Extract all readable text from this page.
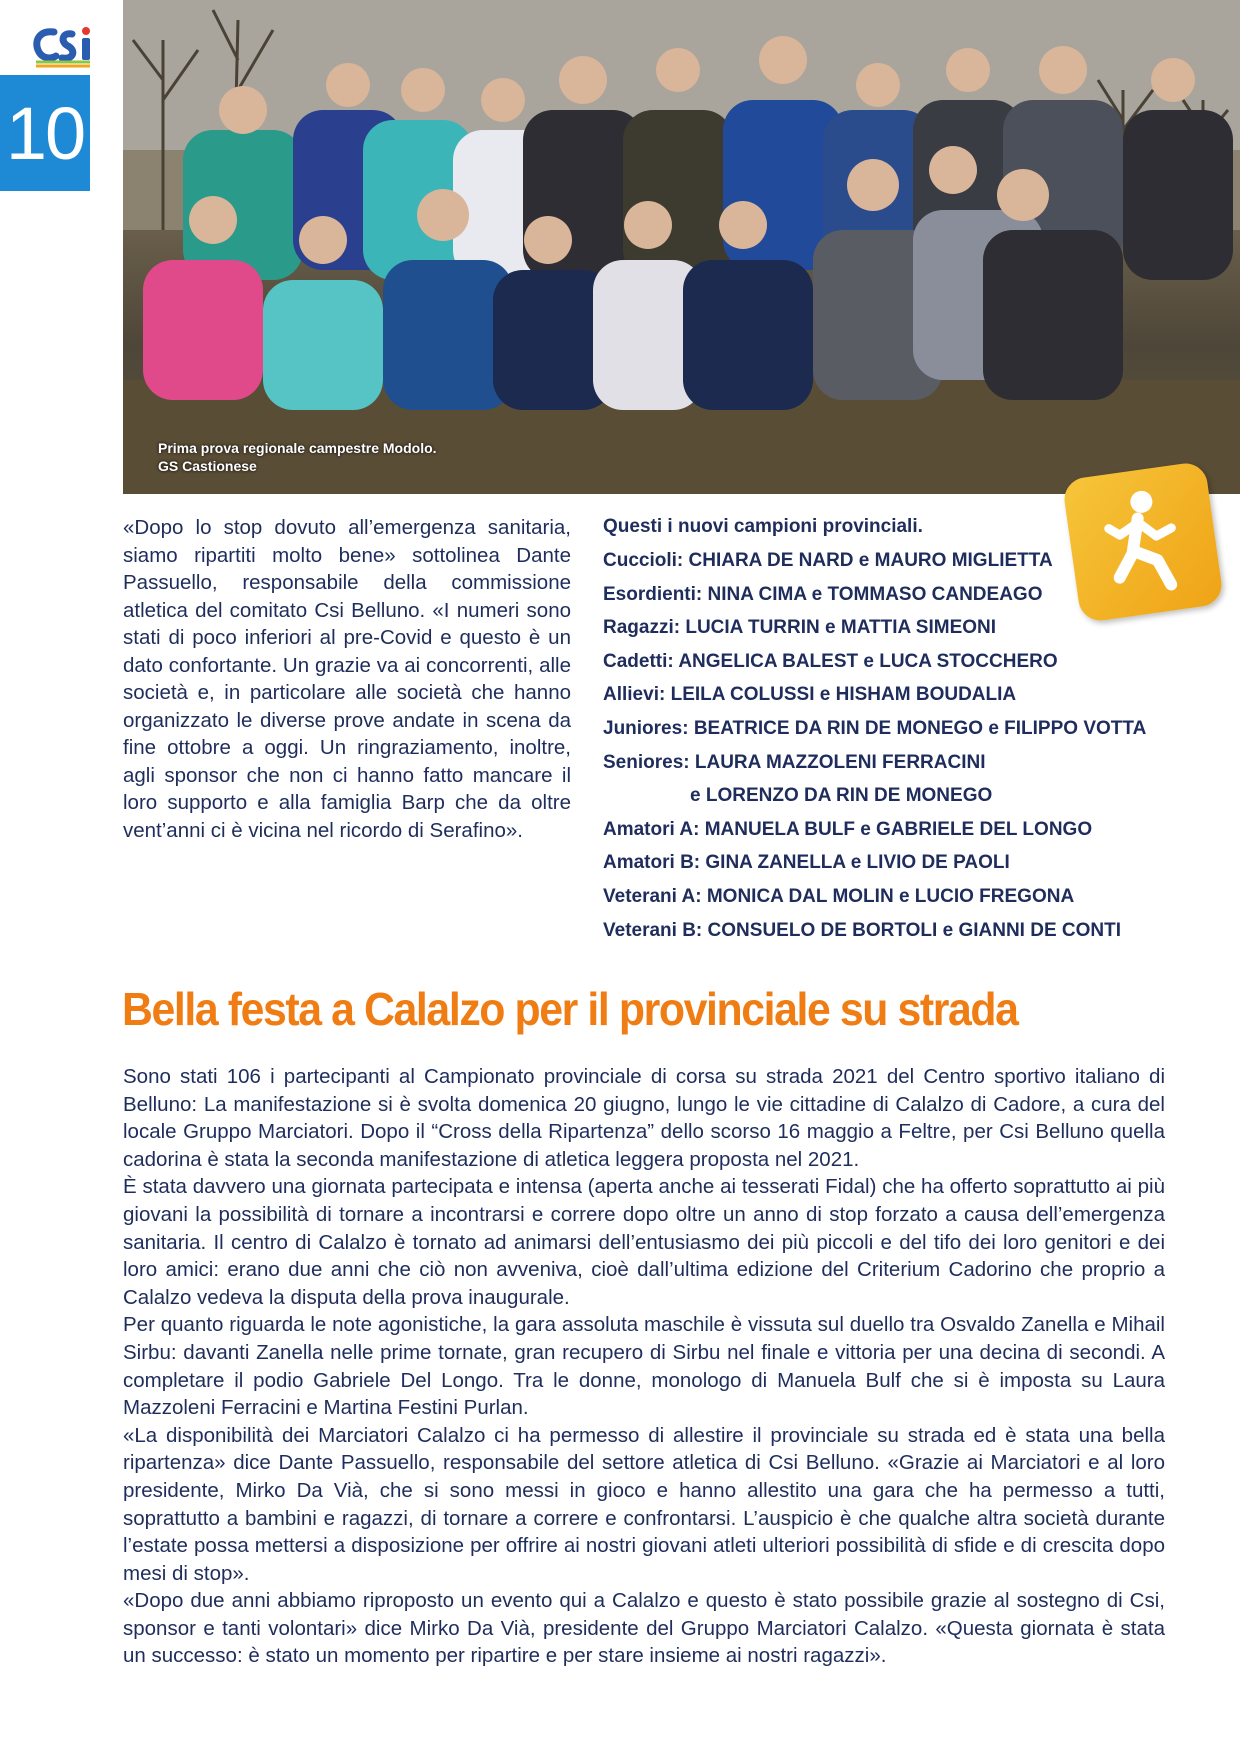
10
Prima prova regionale campestre Modolo.
GS Castionese
«Dopo lo stop dovuto all’emergenza sanitaria, siamo ripartiti molto bene» sottolinea Dante Passuello, responsabile della commissione atletica del comitato Csi Belluno. «I numeri sono stati di poco inferiori al pre-Covid e questo è un dato confortante. Un grazie va ai concorrenti, alle società e, in particolare alle società che hanno organizzato le diverse prove andate in scena da fine ottobre a oggi. Un ringraziamento, inoltre, agli sponsor che non ci hanno fatto mancare il loro supporto e alla famiglia Barp che da oltre vent’anni ci è vicina nel ricordo di Serafino».
Questi i nuovi campioni provinciali.
Cuccioli: CHIARA DE NARD e MAURO MIGLIETTA
Esordienti: NINA CIMA e TOMMASO CANDEAGO
Ragazzi: LUCIA TURRIN e MATTIA SIMEONI
Cadetti: ANGELICA BALEST e LUCA STOCCHERO
Allievi: LEILA COLUSSI e HISHAM BOUDALIA
Juniores: BEATRICE DA RIN DE MONEGO e FILIPPO VOTTA
Seniores: LAURA MAZZOLENI FERRACINI
e LORENZO DA RIN DE MONEGO
Amatori A: MANUELA BULF e GABRIELE DEL LONGO
Amatori B: GINA ZANELLA e LIVIO DE PAOLI
Veterani A: MONICA DAL MOLIN e LUCIO FREGONA
Veterani B: CONSUELO DE BORTOLI e GIANNI DE CONTI
Bella festa a Calalzo per il provinciale su strada

Sono stati 106 i partecipanti al Campionato provinciale di corsa su strada 2021 del Centro sportivo italiano di Belluno: La manifestazione si è svolta domenica 20 giugno, lungo le vie cittadine di Calalzo di Cadore, a cura del locale Gruppo Marciatori. Dopo il “Cross della Ripartenza” dello scorso 16 maggio a Feltre, per Csi Belluno quella cadorina è stata la seconda manifestazione di atletica leggera proposta nel 2021.

È stata davvero una giornata partecipata e intensa (aperta anche ai tesserati Fidal) che ha offerto soprattutto ai più giovani la possibilità di tornare a incontrarsi e correre dopo oltre un anno di stop forzato a causa dell’emergenza sanitaria. Il centro di Calalzo è tornato ad animarsi dell’entusiasmo dei più piccoli e del tifo dei loro genitori e dei loro amici: erano due anni che ciò non avveniva, cioè dall’ultima edizione del Criterium Cadorino che proprio a Calalzo vedeva la disputa della prova inaugurale.

Per quanto riguarda le note agonistiche, la gara assoluta maschile è vissuta sul duello tra Osvaldo Zanella e Mihail Sirbu: davanti Zanella nelle prime tornate, gran recupero di Sirbu nel finale e vittoria per una decina di secondi. A completare il podio Gabriele Del Longo. Tra le donne, monologo di Manuela Bulf che si è imposta su Laura Mazzoleni Ferracini e Martina Festini Purlan.

«La disponibilità dei Marciatori Calalzo ci ha permesso di allestire il provinciale su strada ed è stata una bella ripartenza» dice Dante Passuello, responsabile del settore atletica di Csi Belluno. «Grazie ai Marciatori e al loro presidente, Mirko Da Vià, che si sono messi in gioco e hanno allestito una gara che ha permesso a tutti, soprattutto a bambini e ragazzi, di tornare a correre e confrontarsi. L’auspicio è che qualche altra società durante l’estate possa mettersi a disposizione per offrire ai nostri giovani atleti ulteriori possibilità di sfide e di crescita dopo mesi di stop».

«Dopo due anni abbiamo riproposto un evento qui a Calalzo e questo è stato possibile grazie al sostegno di Csi, sponsor e tanti volontari» dice Mirko Da Vià, presidente del Gruppo Marciatori Calalzo. «Questa giornata è stata un successo: è stato un momento per ripartire e per stare insieme ai nostri ragazzi».
